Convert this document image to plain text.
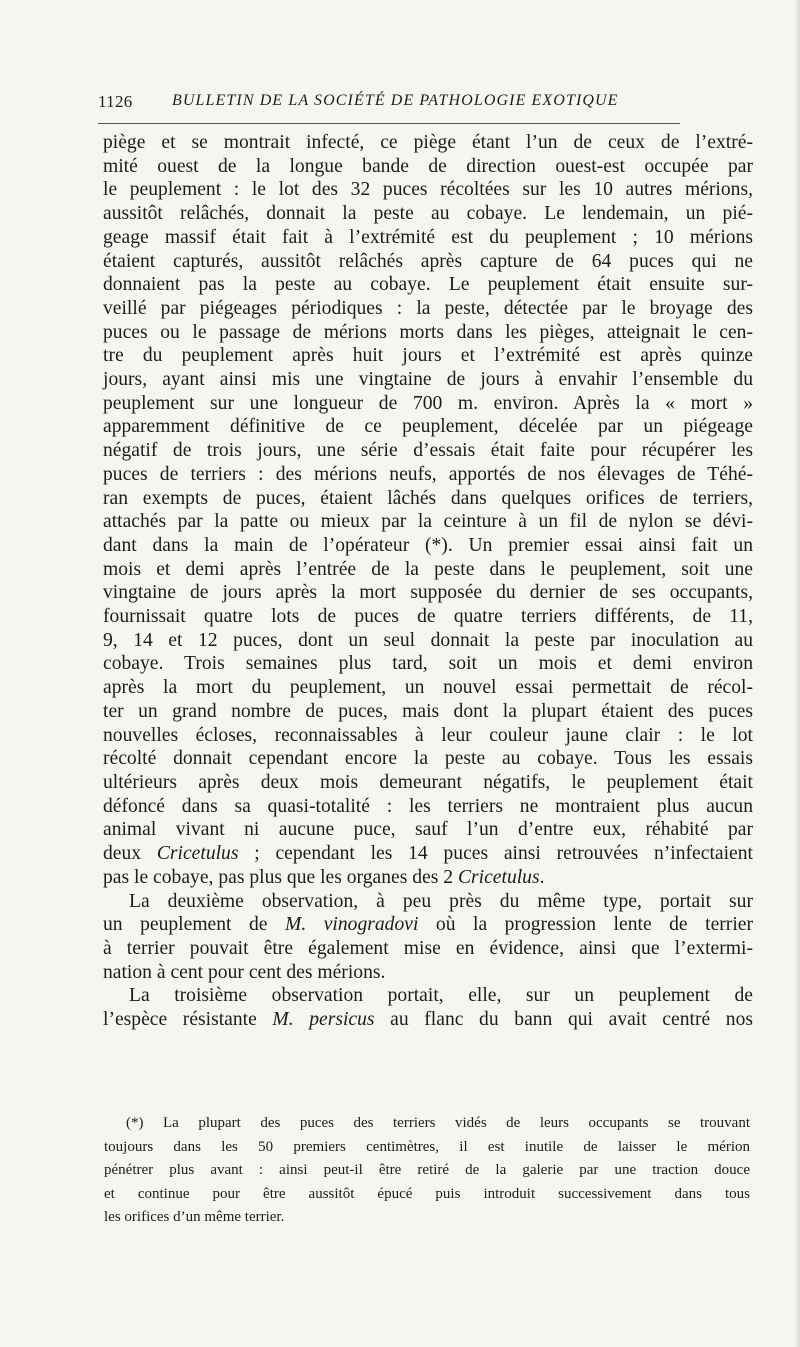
1126 BULLETIN DE LA SOCIÉTÉ DE PATHOLOGIE EXOTIQUE
piège et se montrait infecté, ce piège étant l’un de ceux de l’extré-
mité ouest de la longue bande de direction ouest-est occupée par
le peuplement : le lot des 32 puces récoltées sur les 10 autres mérions,
aussitôt relâchés, donnait la peste au cobaye. Le lendemain, un pié-
geage massif était fait à l’extrémité est du peuplement ; 10 mérions
étaient capturés, aussitôt relâchés après capture de 64 puces qui ne
donnaient pas la peste au cobaye. Le peuplement était ensuite sur-
veillé par piégeages périodiques : la peste, détectée par le broyage des
puces ou le passage de mérions morts dans les pièges, atteignait le cen-
tre du peuplement après huit jours et l’extrémité est après quinze
jours, ayant ainsi mis une vingtaine de jours à envahir l’ensemble du
peuplement sur une longueur de 700 m. environ. Après la « mort »
apparemment définitive de ce peuplement, décelée par un piégeage
négatif de trois jours, une série d’essais était faite pour récupérer les
puces de terriers : des mérions neufs, apportés de nos élevages de Téhé-
ran exempts de puces, étaient lâchés dans quelques orifices de terriers,
attachés par la patte ou mieux par la ceinture à un fil de nylon se dévi-
dant dans la main de l’opérateur (*). Un premier essai ainsi fait un
mois et demi après l’entrée de la peste dans le peuplement, soit une
vingtaine de jours après la mort supposée du dernier de ses occupants,
fournissait quatre lots de puces de quatre terriers différents, de 11,
9, 14 et 12 puces, dont un seul donnait la peste par inoculation au
cobaye. Trois semaines plus tard, soit un mois et demi environ
après la mort du peuplement, un nouvel essai permettait de récol-
ter un grand nombre de puces, mais dont la plupart étaient des puces
nouvelles écloses, reconnaissables à leur couleur jaune clair : le lot
récolté donnait cependant encore la peste au cobaye. Tous les essais
ultérieurs après deux mois demeurant négatifs, le peuplement était
défoncé dans sa quasi-totalité : les terriers ne montraient plus aucun
animal vivant ni aucune puce, sauf l’un d’entre eux, réhabité par
deux Cricetulus ; cependant les 14 puces ainsi retrouvées n’infectaient
pas le cobaye, pas plus que les organes des 2 Cricetulus.
La deuxième observation, à peu près du même type, portait sur
un peuplement de M. vinogradovi où la progression lente de terrier
à terrier pouvait être également mise en évidence, ainsi que l’extermi-
nation à cent pour cent des mérions.
La troisième observation portait, elle, sur un peuplement de
l’espèce résistante M. persicus au flanc du bann qui avait centré nos
(*) La plupart des puces des terriers vidés de leurs occupants se trouvant
toujours dans les 50 premiers centimètres, il est inutile de laisser le mérion
pénétrer plus avant : ainsi peut-il être retiré de la galerie par une traction douce
et continue pour être aussitôt épucé puis introduit successivement dans tous
les orifices d’un même terrier.
